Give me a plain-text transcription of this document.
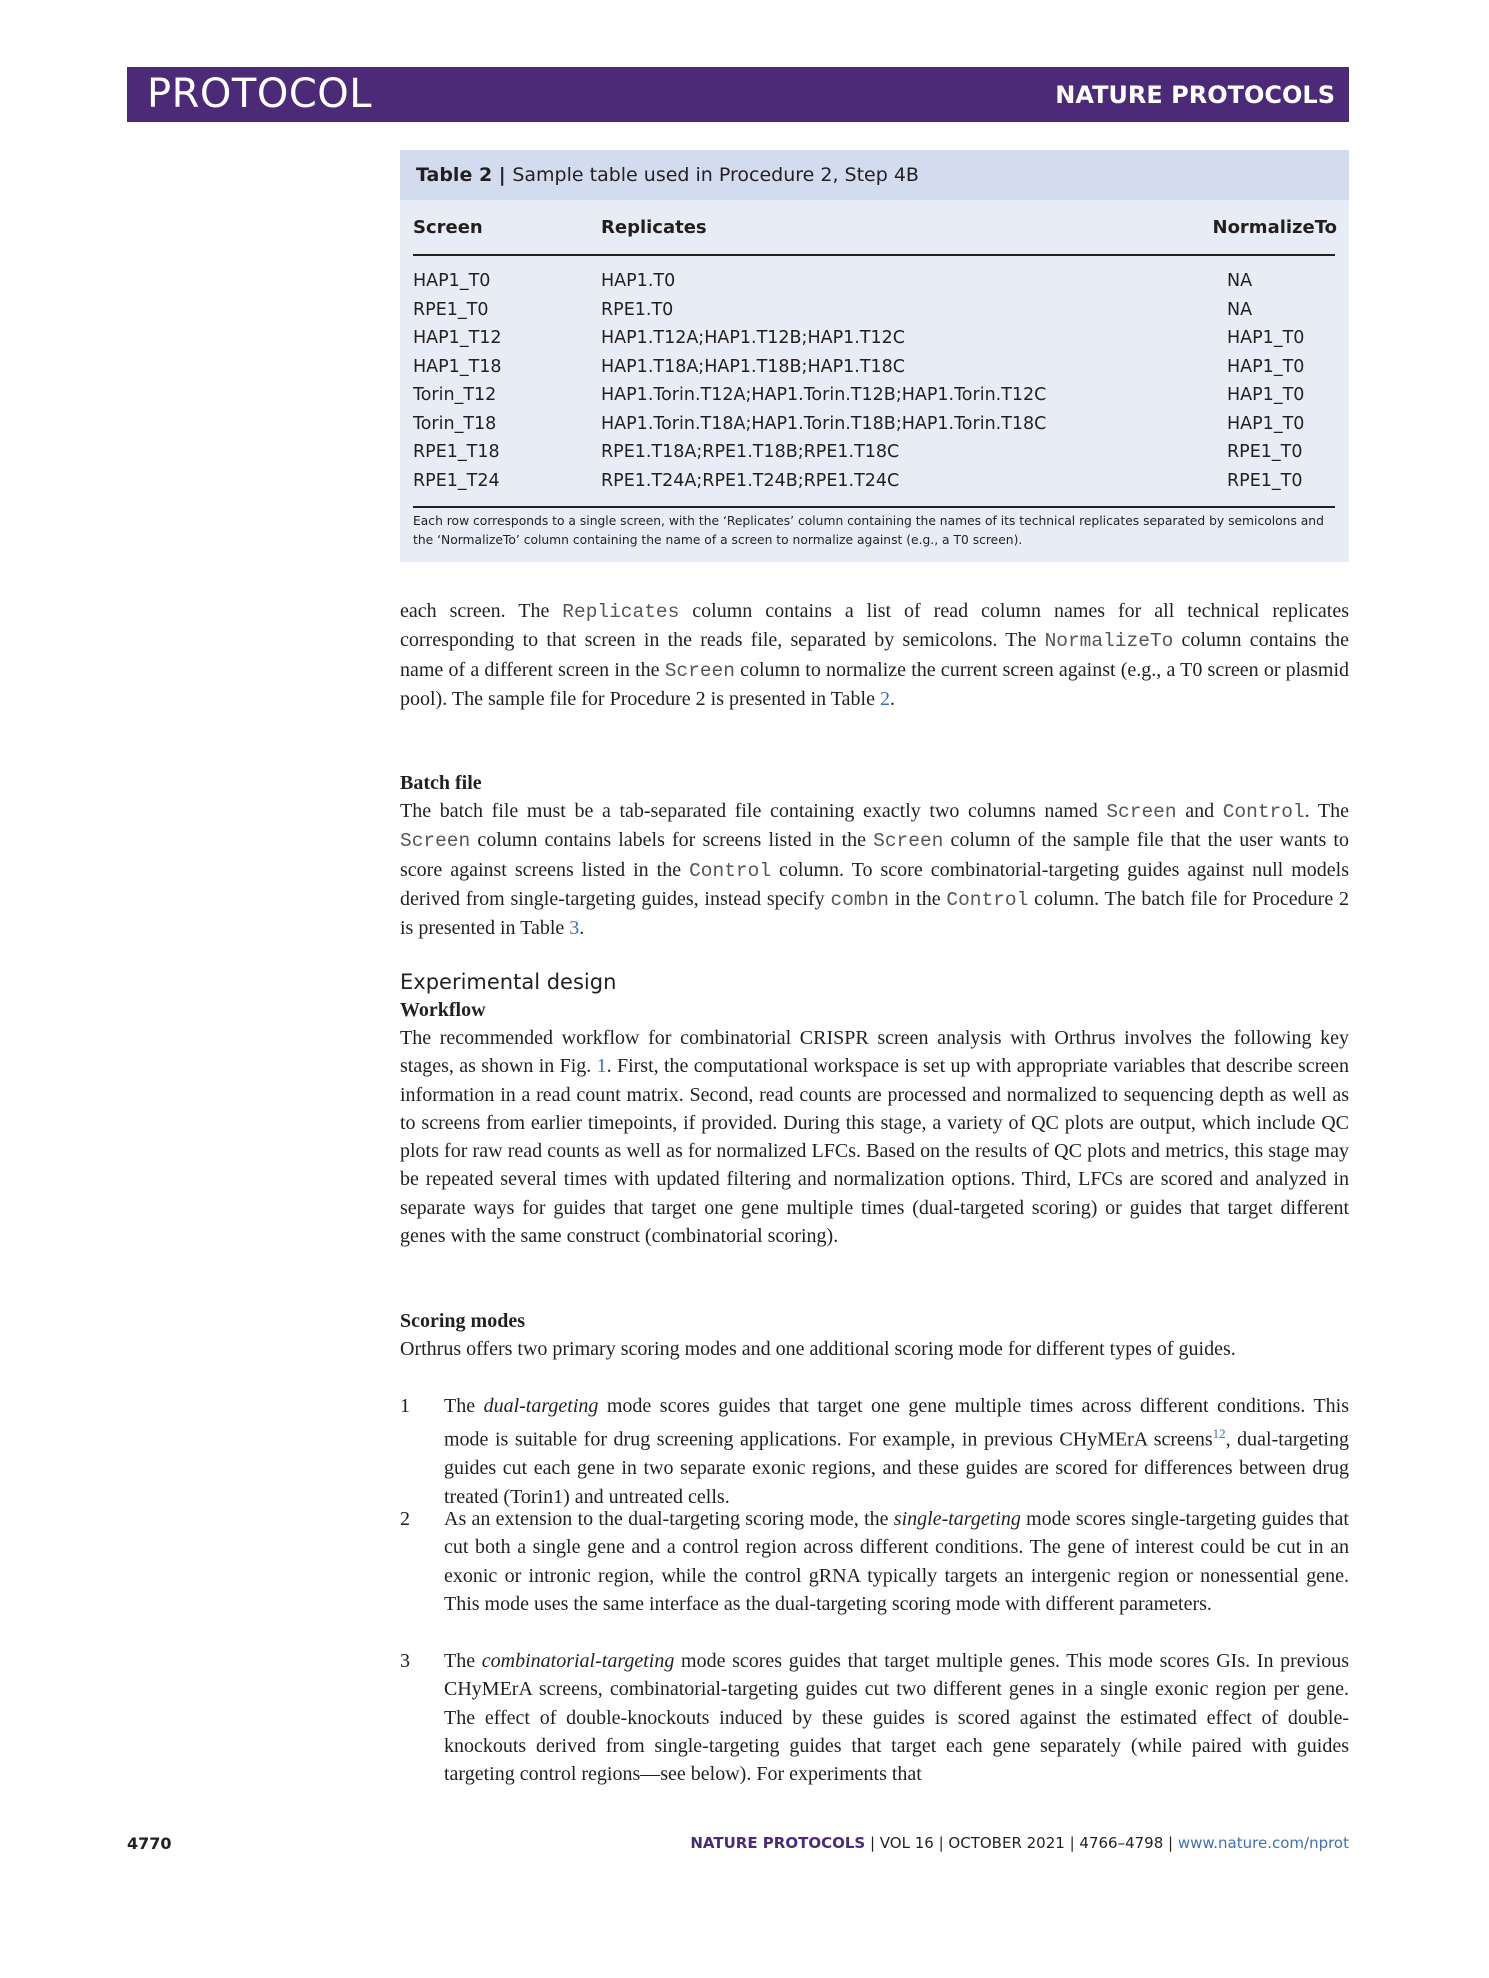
PROTOCOL	NATURE PROTOCOLS
Table 2 | Sample table used in Procedure 2, Step 4B
Screen	Replicates	NormalizeTo
HAP1_T0	HAP1.T0	NA
RPE1_T0	RPE1.T0	NA
HAP1_T12	HAP1.T12A;HAP1.T12B;HAP1.T12C	HAP1_T0
HAP1_T18	HAP1.T18A;HAP1.T18B;HAP1.T18C	HAP1_T0
Torin_T12	HAP1.Torin.T12A;HAP1.Torin.T12B;HAP1.Torin.T12C	HAP1_T0
Torin_T18	HAP1.Torin.T18A;HAP1.Torin.T18B;HAP1.Torin.T18C	HAP1_T0
RPE1_T18	RPE1.T18A;RPE1.T18B;RPE1.T18C	RPE1_T0
RPE1_T24	RPE1.T24A;RPE1.T24B;RPE1.T24C	RPE1_T0
Each row corresponds to a single screen, with the ‘Replicates’ column containing the names of its technical replicates separated by semicolons and the ‘NormalizeTo’ column containing the name of a screen to normalize against (e.g., a T0 screen).
each screen. The Replicates column contains a list of read column names for all technical replicates corresponding to that screen in the reads file, separated by semicolons. The NormalizeTo column contains the name of a different screen in the Screen column to normalize the current screen against (e.g., a T0 screen or plasmid pool). The sample file for Procedure 2 is presented in Table 2.
Batch file
The batch file must be a tab-separated file containing exactly two columns named Screen and Control. The Screen column contains labels for screens listed in the Screen column of the sample file that the user wants to score against screens listed in the Control column. To score combinatorial-targeting guides against null models derived from single-targeting guides, instead specify combn in the Control column. The batch file for Procedure 2 is presented in Table 3.
Experimental design
Workflow
The recommended workflow for combinatorial CRISPR screen analysis with Orthrus involves the following key stages, as shown in Fig. 1. First, the computational workspace is set up with appropriate variables that describe screen information in a read count matrix. Second, read counts are processed and normalized to sequencing depth as well as to screens from earlier timepoints, if provided. During this stage, a variety of QC plots are output, which include QC plots for raw read counts as well as for normalized LFCs. Based on the results of QC plots and metrics, this stage may be repeated several times with updated filtering and normalization options. Third, LFCs are scored and analyzed in separate ways for guides that target one gene multiple times (dual-targeted scoring) or guides that target different genes with the same construct (combinatorial scoring).
Scoring modes
Orthrus offers two primary scoring modes and one additional scoring mode for different types of guides.
1 The dual-targeting mode scores guides that target one gene multiple times across different conditions. This mode is suitable for drug screening applications. For example, in previous CHyMErA screens$^{12}$, dual-targeting guides cut each gene in two separate exonic regions, and these guides are scored for differences between drug treated (Torin1) and untreated cells.
2 As an extension to the dual-targeting scoring mode, the single-targeting mode scores single-targeting guides that cut both a single gene and a control region across different conditions. The gene of interest could be cut in an exonic or intronic region, while the control gRNA typically targets an intergenic region or nonessential gene. This mode uses the same interface as the dual-targeting scoring mode with different parameters.
3 The combinatorial-targeting mode scores guides that target multiple genes. This mode scores GIs. In previous CHyMErA screens, combinatorial-targeting guides cut two different genes in a single exonic region per gene. The effect of double-knockouts induced by these guides is scored against the estimated effect of double-knockouts derived from single-targeting guides that target each gene separately (while paired with guides targeting control regions—see below). For experiments that
4770	NATURE PROTOCOLS | VOL 16 | OCTOBER 2021 | 4766–4798 | www.nature.com/nprot
